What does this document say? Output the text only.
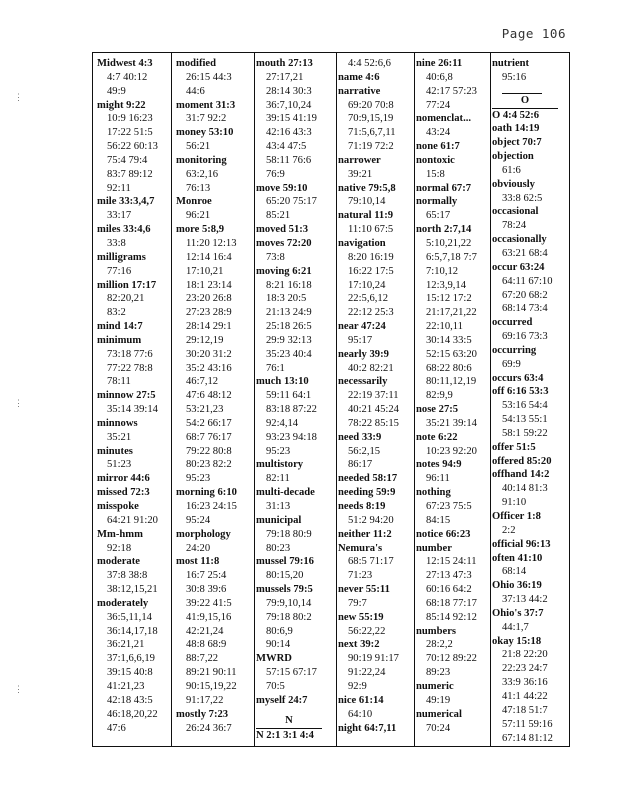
Page 106
⋮
⋮
⋮
Midwest 4:3
4:7 40:12
49:9
might 9:22
10:9 16:23
17:22 51:5
56:22 60:13
75:4 79:4
83:7 89:12
92:11
mile 33:3,4,7
33:17
miles 33:4,6
33:8
milligrams
77:16
million 17:17
82:20,21
83:2
mind 14:7
minimum
73:18 77:6
77:22 78:8
78:11
minnow 27:5
35:14 39:14
minnows
35:21
minutes
51:23
mirror 44:6
missed 72:3
misspoke
64:21 91:20
Mm-hmm
92:18
moderate
37:8 38:8
38:12,15,21
moderately
36:5,11,14
36:14,17,18
36:21,21
37:1,6,6,19
39:15 40:8
41:21,23
42:18 43:5
46:18,20,22
47:6
modified
26:15 44:3
44:6
moment 31:3
31:7 92:2
money 53:10
56:21
monitoring
63:2,16
76:13
Monroe
96:21
more 5:8,9
11:20 12:13
12:14 16:4
17:10,21
18:1 23:14
23:20 26:8
27:23 28:9
28:14 29:1
29:12,19
30:20 31:2
35:2 43:16
46:7,12
47:6 48:12
53:21,23
54:2 66:17
68:7 76:17
79:22 80:8
80:23 82:2
95:23
morning 6:10
16:23 24:15
95:24
morphology
24:20
most 11:8
16:7 25:4
30:8 39:6
39:22 41:5
41:9,15,16
42:21,24
48:8 68:9
88:7,22
89:21 90:11
90:15,19,22
91:17,22
mostly 7:23
26:24 36:7
mouth 27:13
27:17,21
28:14 30:3
36:7,10,24
39:15 41:19
42:16 43:3
43:4 47:5
58:11 76:6
76:9
move 59:10
65:20 75:17
85:21
moved 51:3
moves 72:20
73:8
moving 6:21
8:21 16:18
18:3 20:5
21:13 24:9
25:18 26:5
29:9 32:13
35:23 40:4
76:1
much 13:10
59:11 64:1
83:18 87:22
92:4,14
93:23 94:18
95:23
multistory
82:11
multi-decade
31:13
municipal
79:18 80:9
80:23
mussel 79:16
80:15,20
mussels 79:5
79:9,10,14
79:18 80:2
80:6,9
90:14
MWRD
57:15 67:17
70:5
myself 24:7
N
N 2:1 3:1 4:4
4:4 52:6,6
name 4:6
narrative
69:20 70:8
70:9,15,19
71:5,6,7,11
71:19 72:2
narrower
39:21
native 79:5,8
79:10,14
natural 11:9
11:10 67:5
navigation
8:20 16:19
16:22 17:5
17:10,24
22:5,6,12
22:12 25:3
near 47:24
95:17
nearly 39:9
40:2 82:21
necessarily
22:19 37:11
40:21 45:24
78:22 85:15
need 33:9
56:2,15
86:17
needed 58:17
needing 59:9
needs 8:19
51:2 94:20
neither 11:2
Nemura's
68:5 71:17
71:23
never 55:11
79:7
new 55:19
56:22,22
next 39:2
90:19 91:17
91:22,24
92:9
nice 61:14
64:10
night 64:7,11
nine 26:11
40:6,8
42:17 57:23
77:24
nomenclat...
43:24
none 61:7
nontoxic
15:8
normal 67:7
normally
65:17
north 2:7,14
5:10,21,22
6:5,7,18 7:7
7:10,12
12:3,9,14
15:12 17:2
21:17,21,22
22:10,11
30:14 33:5
52:15 63:20
68:22 80:6
80:11,12,19
82:9,9
nose 27:5
35:21 39:14
note 6:22
10:23 92:20
notes 94:9
96:11
nothing
67:23 75:5
84:15
notice 66:23
number
12:15 24:11
27:13 47:3
60:16 64:2
68:18 77:17
85:14 92:12
numbers
28:2,2
70:12 89:22
89:23
numeric
49:19
numerical
70:24
nutrient
95:16
O
O 4:4 52:6
oath 14:19
object 70:7
objection
61:6
obviously
33:8 62:5
occasional
78:24
occasionally
63:21 68:4
occur 63:24
64:11 67:10
67:20 68:2
68:14 73:4
occurred
69:16 73:3
occurring
69:9
occurs 63:4
off 6:16 53:3
53:16 54:4
54:13 55:1
58:1 59:22
offer 51:5
offered 85:20
offhand 14:2
40:14 81:3
91:10
Officer 1:8
2:2
official 96:13
often 41:10
68:14
Ohio 36:19
37:13 44:2
Ohio's 37:7
44:1,7
okay 15:18
21:8 22:20
22:23 24:7
33:9 36:16
41:1 44:22
47:18 51:7
57:11 59:16
67:14 81:12
